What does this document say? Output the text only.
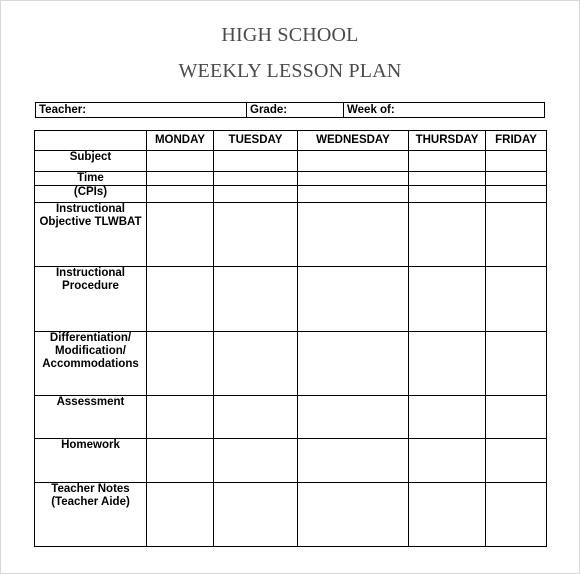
HIGH SCHOOL
WEEKLY LESSON PLAN
Teacher:	Grade:	Week of:
	MONDAY	TUESDAY	WEDNESDAY	THURSDAY	FRIDAY
Subject					
Time					
(CPIs)					
Instructional Objective TLWBAT					
Instructional Procedure					
Differentiation/ Modification/ Accommodations					
Assessment					
Homework					
Teacher Notes (Teacher Aide)					
